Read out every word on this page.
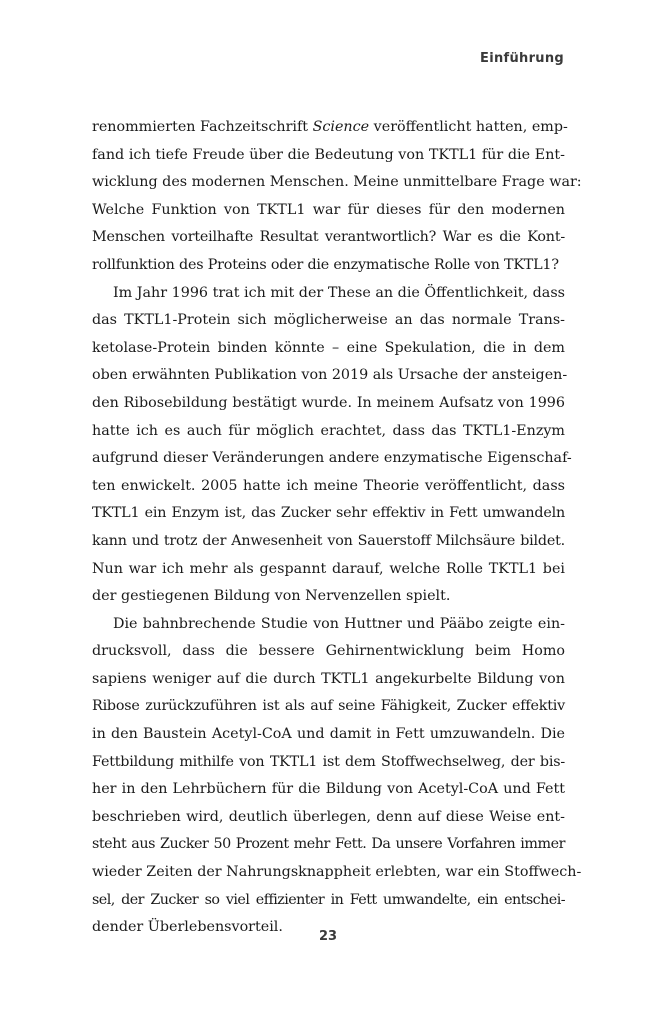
Einführung
renommierten Fachzeitschrift Science veröffentlicht hatten, emp-
fand ich tiefe Freude über die Bedeutung von TKTL1 für die Ent-
wicklung des modernen Menschen. Meine unmittelbare Frage war:
Welche Funktion von TKTL1 war für dieses für den modernen
Menschen vorteilhafte Resultat verantwortlich? War es die Kont-
rollfunktion des Proteins oder die enzymatische Rolle von TKTL1?
Im Jahr 1996 trat ich mit der These an die Öffentlichkeit, dass
das TKTL1-Protein sich möglicherweise an das normale Trans-
ketolase-Protein binden könnte – eine Spekulation, die in dem
oben erwähnten Publikation von 2019 als Ursache der ansteigen-
den Ribosebildung bestätigt wurde. In meinem Aufsatz von 1996
hatte ich es auch für möglich erachtet, dass das TKTL1-Enzym
aufgrund dieser Veränderungen andere enzymatische Eigenschaf-
ten enwickelt. 2005 hatte ich meine Theorie veröffentlicht, dass
TKTL1 ein Enzym ist, das Zucker sehr effektiv in Fett umwandeln
kann und trotz der Anwesenheit von Sauerstoff Milchsäure bildet.
Nun war ich mehr als gespannt darauf, welche Rolle TKTL1 bei
der gestiegenen Bildung von Nervenzellen spielt.
Die bahnbrechende Studie von Huttner und Pääbo zeigte ein-
drucksvoll, dass die bessere Gehirnentwicklung beim Homo
sapiens weniger auf die durch TKTL1 angekurbelte Bildung von
Ribose zurückzuführen ist als auf seine Fähigkeit, Zucker effektiv
in den Baustein Acetyl-CoA und damit in Fett umzuwandeln. Die
Fettbildung mithilfe von TKTL1 ist dem Stoffwechselweg, der bis-
her in den Lehrbüchern für die Bildung von Acetyl-CoA und Fett
beschrieben wird, deutlich überlegen, denn auf diese Weise ent-
steht aus Zucker 50 Prozent mehr Fett. Da unsere Vorfahren immer
wieder Zeiten der Nahrungsknappheit erlebten, war ein Stoffwech-
sel, der Zucker so viel effizienter in Fett umwandelte, ein entschei-
dender Überlebensvorteil.
23
